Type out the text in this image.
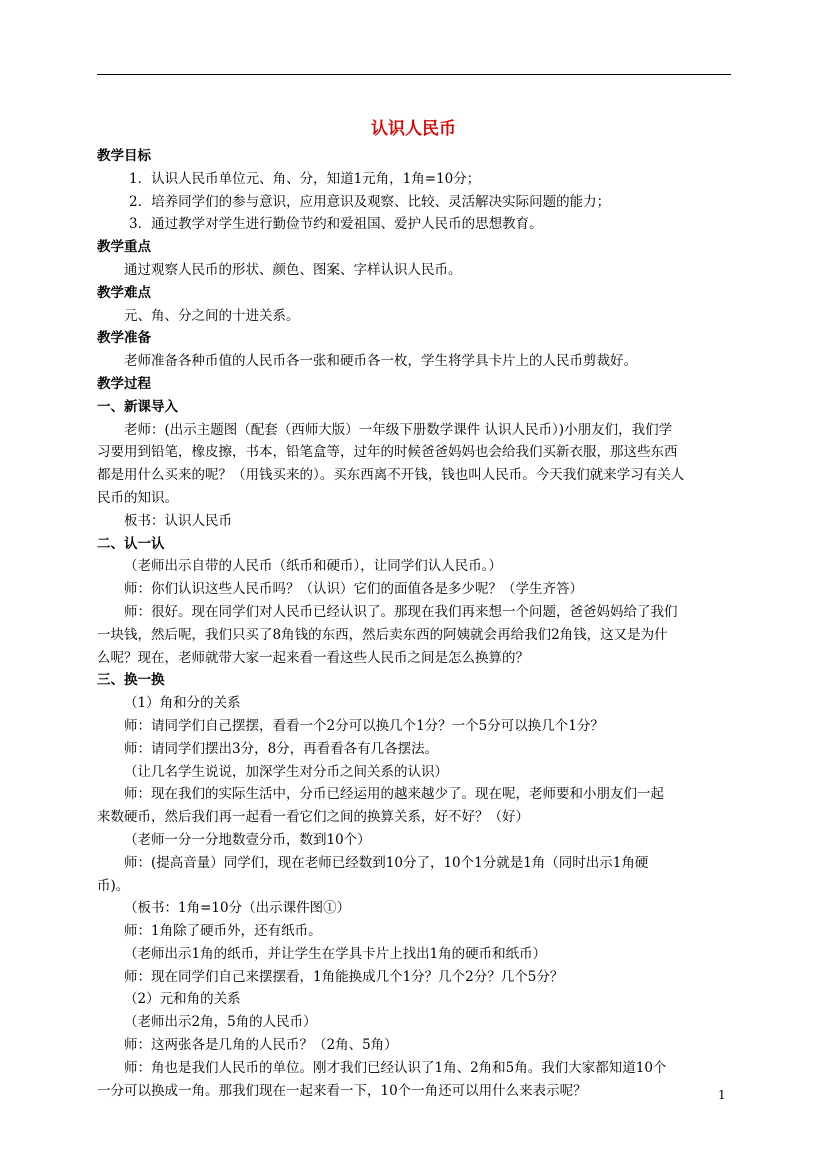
认识人民币
教学目标
1．认识人民币单位元、角、分，知道1元角，1角=10分；
2．培养同学们的参与意识，应用意识及观察、比较、灵活解决实际问题的能力；
3．通过教学对学生进行勤俭节约和爱祖国、爱护人民币的思想教育。
教学重点
通过观察人民币的形状、颜色、图案、字样认识人民币。
教学难点
元、角、分之间的十进关系。
教学准备
老师准备各种币值的人民币各一张和硬币各一枚，学生将学具卡片上的人民币剪裁好。
教学过程
一、新课导入
老师：(出示主题图（配套（西师大版）一年级下册数学课件 认识人民币）)小朋友们，我们学
习要用到铅笔，橡皮擦，书本，铅笔盒等，过年的时候爸爸妈妈也会给我们买新衣服，那这些东西
都是用什么买来的呢？（用钱买来的）。买东西离不开钱，钱也叫人民币。今天我们就来学习有关人
民币的知识。
板书：认识人民币
二、认一认
（老师出示自带的人民币（纸币和硬币），让同学们认人民币。）
师：你们认识这些人民币吗？（认识）它们的面值各是多少呢？（学生齐答）
师：很好。现在同学们对人民币已经认识了。那现在我们再来想一个问题，爸爸妈妈给了我们
一块钱，然后呢，我们只买了8角钱的东西，然后卖东西的阿姨就会再给我们2角钱，这又是为什
么呢？现在，老师就带大家一起来看一看这些人民币之间是怎么换算的？
三、换一换
（1）角和分的关系
师：请同学们自己摆摆，看看一个2分可以换几个1分？一个5分可以换几个1分？
师：请同学们摆出3分，8分，再看看各有几各摆法。
（让几名学生说说，加深学生对分币之间关系的认识）
师：现在我们的实际生活中，分币已经运用的越来越少了。现在呢，老师要和小朋友们一起
来数硬币，然后我们再一起看一看它们之间的换算关系，好不好？（好）
（老师一分一分地数壹分币，数到10个）
师：(提高音量）同学们，现在老师已经数到10分了，10个1分就是1角（同时出示1角硬
币)。
（板书：1角=10分（出示课件图①）
师：1角除了硬币外，还有纸币。
（老师出示1角的纸币，并让学生在学具卡片上找出1角的硬币和纸币）
师：现在同学们自己来摆摆看，1角能换成几个1分？几个2分？几个5分？
（2）元和角的关系
（老师出示2角，5角的人民币）
师：这两张各是几角的人民币？（2角、5角）
师：角也是我们人民币的单位。刚才我们已经认识了1角、2角和5角。我们大家都知道10个
一分可以换成一角。那我们现在一起来看一下，10个一角还可以用什么来表示呢？	1
